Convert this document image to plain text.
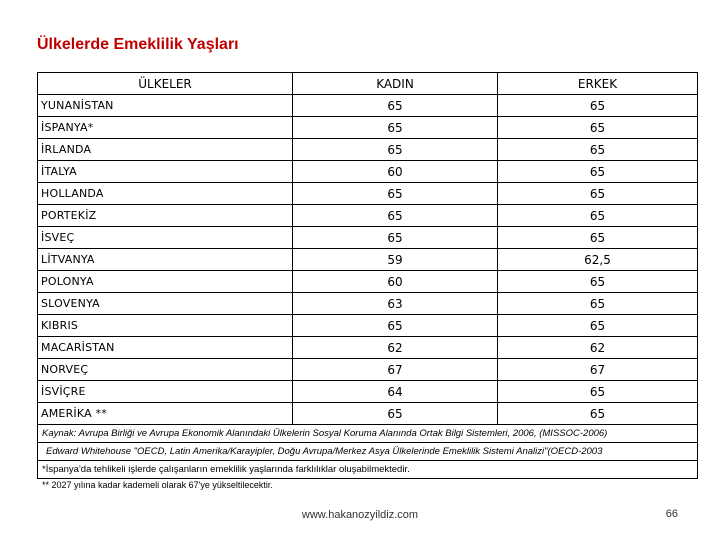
Ülkelerde Emeklilik Yaşları
ÜLKELER	KADIN	ERKEK
YUNANİSTAN	65	65
İSPANYA*	65	65
İRLANDA	65	65
İTALYA	60	65
HOLLANDA	65	65
PORTEKİZ	65	65
İSVEÇ	65	65
LİTVANYA	59	62,5
POLONYA	60	65
SLOVENYA	63	65
KIBRIS	65	65
MACARİSTAN	62	62
NORVEÇ	67	67
İSVİÇRE	64	65
AMERİKA **	65	65
Kaynak: Avrupa Birliği ve Avrupa Ekonomik Alanındaki Ülkelerin Sosyal Koruma Alanında Ortak Bilgi Sistemleri, 2006, (MISSOC-2006)		
Edward Whitehouse "OECD, Latin Amerika/Karayipler, Doğu Avrupa/Merkez Asya Ülkelerinde Emeklilik Sistemi Analizi"(OECD-2003		
*İspanya'da tehlikeli işlerde çalışanların emeklilik yaşlarında farklılıklar oluşabilmektedir.		
** 2027 yılına kadar kademeli olarak 67'ye yükseltilecektir.
www.hakanozyildiz.com	66
